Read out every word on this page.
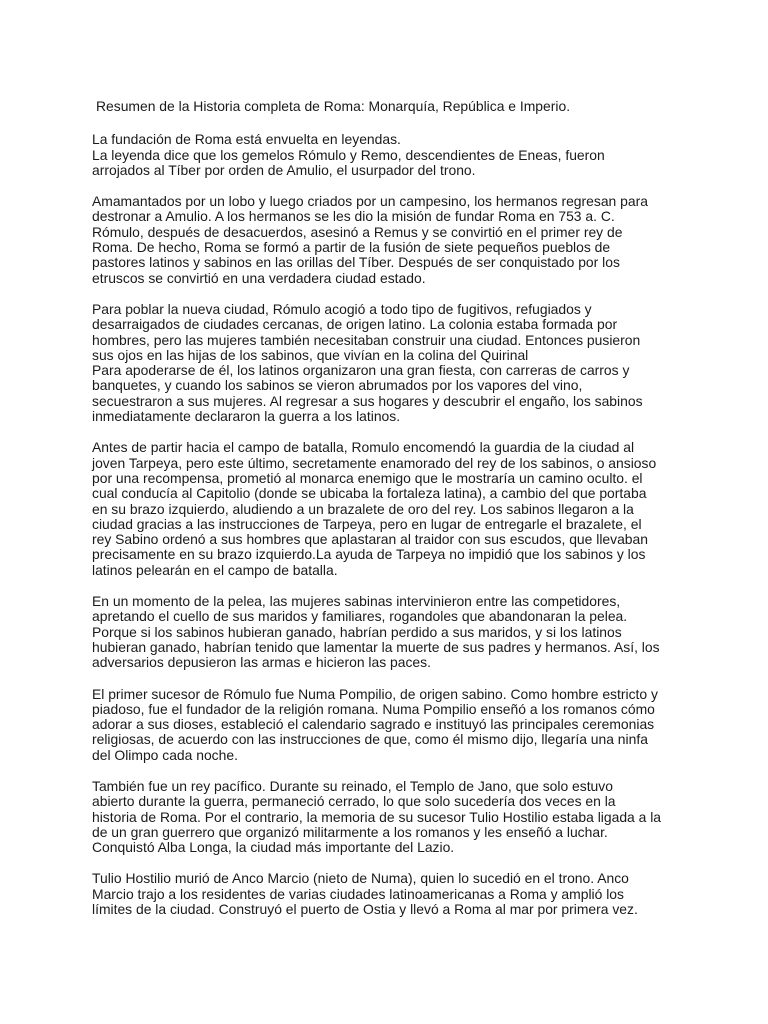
Resumen de la Historia completa de Roma: Monarquía, República e Imperio.

La fundación de Roma está envuelta en leyendas.
La leyenda dice que los gemelos Rómulo y Remo, descendientes de Eneas, fueron
arrojados al Tíber por orden de Amulio, el usurpador del trono.

Amamantados por un lobo y luego criados por un campesino, los hermanos regresan para
destronar a Amulio. A los hermanos se les dio la misión de fundar Roma en 753 a. C.
Rómulo, después de desacuerdos, asesinó a Remus y se convirtió en el primer rey de
Roma. De hecho, Roma se formó a partir de la fusión de siete pequeños pueblos de
pastores latinos y sabinos en las orillas del Tíber. Después de ser conquistado por los
etruscos se convirtió en una verdadera ciudad estado.

Para poblar la nueva ciudad, Rómulo acogió a todo tipo de fugitivos, refugiados y
desarraigados de ciudades cercanas, de origen latino. La colonia estaba formada por
hombres, pero las mujeres también necesitaban construir una ciudad. Entonces pusieron
sus ojos en las hijas de los sabinos, que vivían en la colina del Quirinal
Para apoderarse de él, los latinos organizaron una gran fiesta, con carreras de carros y
banquetes, y cuando los sabinos se vieron abrumados por los vapores del vino,
secuestraron a sus mujeres. Al regresar a sus hogares y descubrir el engaño, los sabinos
inmediatamente declararon la guerra a los latinos.

Antes de partir hacia el campo de batalla, Romulo encomendó la guardia de la ciudad al
joven Tarpeya, pero este último, secretamente enamorado del rey de los sabinos, o ansioso
por una recompensa, prometió al monarca enemigo que le mostraría un camino oculto. el
cual conducía al Capitolio (donde se ubicaba la fortaleza latina), a cambio del que portaba
en su brazo izquierdo, aludiendo a un brazalete de oro del rey. Los sabinos llegaron a la
ciudad gracias a las instrucciones de Tarpeya, pero en lugar de entregarle el brazalete, el
rey Sabino ordenó a sus hombres que aplastaran al traidor con sus escudos, que llevaban
precisamente en su brazo izquierdo.La ayuda de Tarpeya no impidió que los sabinos y los
latinos pelearán en el campo de batalla.

En un momento de la pelea, las mujeres sabinas intervinieron entre las competidores,
apretando el cuello de sus maridos y familiares, rogandoles que abandonaran la pelea.
Porque si los sabinos hubieran ganado, habrían perdido a sus maridos, y si los latinos
hubieran ganado, habrían tenido que lamentar la muerte de sus padres y hermanos. Así, los
adversarios depusieron las armas e hicieron las paces.

El primer sucesor de Rómulo fue Numa Pompilio, de origen sabino. Como hombre estricto y
piadoso, fue el fundador de la religión romana. Numa Pompilio enseñó a los romanos cómo
adorar a sus dioses, estableció el calendario sagrado e instituyó las principales ceremonias
religiosas, de acuerdo con las instrucciones de que, como él mismo dijo, llegaría una ninfa
del Olimpo cada noche.

También fue un rey pacífico. Durante su reinado, el Templo de Jano, que solo estuvo
abierto durante la guerra, permaneció cerrado, lo que solo sucedería dos veces en la
historia de Roma. Por el contrario, la memoria de su sucesor Tulio Hostilio estaba ligada a la
de un gran guerrero que organizó militarmente a los romanos y les enseñó a luchar.
Conquistó Alba Longa, la ciudad más importante del Lazio.

Tulio Hostilio murió de Anco Marcio (nieto de Numa), quien lo sucedió en el trono. Anco
Marcio trajo a los residentes de varias ciudades latinoamericanas a Roma y amplió los
límites de la ciudad. Construyó el puerto de Ostia y llevó a Roma al mar por primera vez.
